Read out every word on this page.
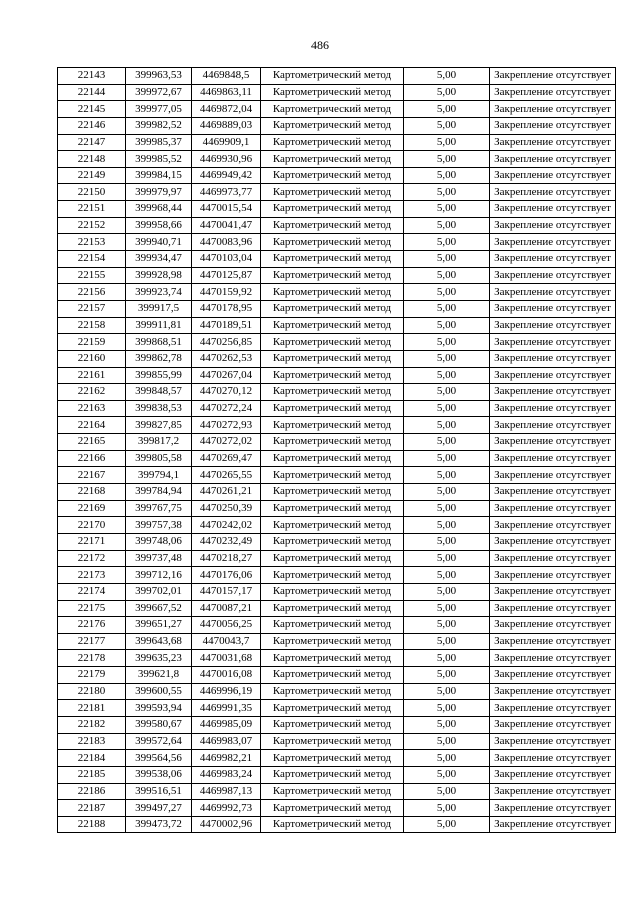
486
22143	399963,53	4469848,5	Картометрический метод	5,00	Закрепление отсутствует
22144	399972,67	4469863,11	Картометрический метод	5,00	Закрепление отсутствует
22145	399977,05	4469872,04	Картометрический метод	5,00	Закрепление отсутствует
22146	399982,52	4469889,03	Картометрический метод	5,00	Закрепление отсутствует
22147	399985,37	4469909,1	Картометрический метод	5,00	Закрепление отсутствует
22148	399985,52	4469930,96	Картометрический метод	5,00	Закрепление отсутствует
22149	399984,15	4469949,42	Картометрический метод	5,00	Закрепление отсутствует
22150	399979,97	4469973,77	Картометрический метод	5,00	Закрепление отсутствует
22151	399968,44	4470015,54	Картометрический метод	5,00	Закрепление отсутствует
22152	399958,66	4470041,47	Картометрический метод	5,00	Закрепление отсутствует
22153	399940,71	4470083,96	Картометрический метод	5,00	Закрепление отсутствует
22154	399934,47	4470103,04	Картометрический метод	5,00	Закрепление отсутствует
22155	399928,98	4470125,87	Картометрический метод	5,00	Закрепление отсутствует
22156	399923,74	4470159,92	Картометрический метод	5,00	Закрепление отсутствует
22157	399917,5	4470178,95	Картометрический метод	5,00	Закрепление отсутствует
22158	399911,81	4470189,51	Картометрический метод	5,00	Закрепление отсутствует
22159	399868,51	4470256,85	Картометрический метод	5,00	Закрепление отсутствует
22160	399862,78	4470262,53	Картометрический метод	5,00	Закрепление отсутствует
22161	399855,99	4470267,04	Картометрический метод	5,00	Закрепление отсутствует
22162	399848,57	4470270,12	Картометрический метод	5,00	Закрепление отсутствует
22163	399838,53	4470272,24	Картометрический метод	5,00	Закрепление отсутствует
22164	399827,85	4470272,93	Картометрический метод	5,00	Закрепление отсутствует
22165	399817,2	4470272,02	Картометрический метод	5,00	Закрепление отсутствует
22166	399805,58	4470269,47	Картометрический метод	5,00	Закрепление отсутствует
22167	399794,1	4470265,55	Картометрический метод	5,00	Закрепление отсутствует
22168	399784,94	4470261,21	Картометрический метод	5,00	Закрепление отсутствует
22169	399767,75	4470250,39	Картометрический метод	5,00	Закрепление отсутствует
22170	399757,38	4470242,02	Картометрический метод	5,00	Закрепление отсутствует
22171	399748,06	4470232,49	Картометрический метод	5,00	Закрепление отсутствует
22172	399737,48	4470218,27	Картометрический метод	5,00	Закрепление отсутствует
22173	399712,16	4470176,06	Картометрический метод	5,00	Закрепление отсутствует
22174	399702,01	4470157,17	Картометрический метод	5,00	Закрепление отсутствует
22175	399667,52	4470087,21	Картометрический метод	5,00	Закрепление отсутствует
22176	399651,27	4470056,25	Картометрический метод	5,00	Закрепление отсутствует
22177	399643,68	4470043,7	Картометрический метод	5,00	Закрепление отсутствует
22178	399635,23	4470031,68	Картометрический метод	5,00	Закрепление отсутствует
22179	399621,8	4470016,08	Картометрический метод	5,00	Закрепление отсутствует
22180	399600,55	4469996,19	Картометрический метод	5,00	Закрепление отсутствует
22181	399593,94	4469991,35	Картометрический метод	5,00	Закрепление отсутствует
22182	399580,67	4469985,09	Картометрический метод	5,00	Закрепление отсутствует
22183	399572,64	4469983,07	Картометрический метод	5,00	Закрепление отсутствует
22184	399564,56	4469982,21	Картометрический метод	5,00	Закрепление отсутствует
22185	399538,06	4469983,24	Картометрический метод	5,00	Закрепление отсутствует
22186	399516,51	4469987,13	Картометрический метод	5,00	Закрепление отсутствует
22187	399497,27	4469992,73	Картометрический метод	5,00	Закрепление отсутствует
22188	399473,72	4470002,96	Картометрический метод	5,00	Закрепление отсутствует
